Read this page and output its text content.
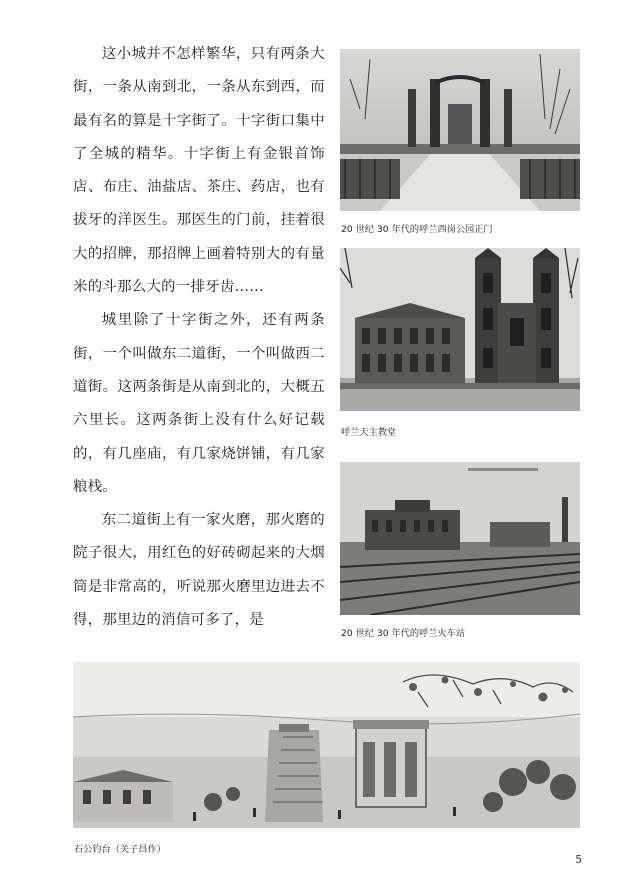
这小城并不怎样繁华，只有两条大街，一条从南到北，一条从东到西，而最有名的算是十字街了。十字街口集中了全城的精华。十字街上有金银首饰店、布庄、油盐店、茶庄、药店，也有拔牙的洋医生。那医生的门前，挂着很大的招牌，那招牌上画着特别大的有量米的斗那么大的一排牙齿……

城里除了十字街之外，还有两条街，一个叫做东二道街，一个叫做西二道街。这两条街是从南到北的，大概五六里长。这两条街上没有什么好记载的，有几座庙，有几家烧饼铺，有几家粮栈。

东二道街上有一家火磨，那火磨的院子很大，用红色的好砖砌起来的大烟筒是非常高的，听说那火磨里边进去不得，那里边的消信可多了，是

20 世纪 30 年代的呼兰西岗公园正门
呼兰天主教堂
20 世纪 30 年代的呼兰火车站
石公钓台（关子昌作）
5
